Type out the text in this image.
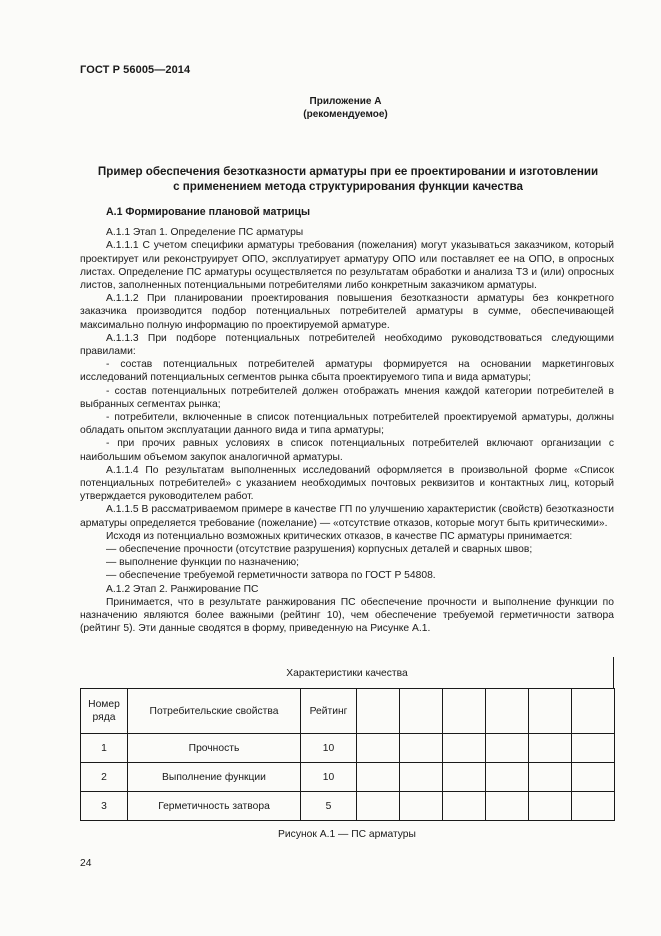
ГОСТ Р 56005—2014
Приложение А
(рекомендуемое)
Пример обеспечения безотказности арматуры при ее проектировании и изготовлении
с применением метода структурирования функции качества

А.1 Формирование плановой матрицы

А.1.1 Этап 1. Определение ПС арматуры

А.1.1.1 С учетом специфики арматуры требования (пожелания) могут указываться заказчиком, который проектирует или реконструирует ОПО, эксплуатирует арматуру ОПО или поставляет ее на ОПО, в опросных листах. Определение ПС арматуры осуществляется по результатам обработки и анализа ТЗ и (или) опросных листов, заполненных потенциальными потребителями либо конкретным заказчиком арматуры.

А.1.1.2 При планировании проектирования повышения безотказности арматуры без конкретного заказчика производится подбор потенциальных потребителей арматуры в сумме, обеспечивающей максимально полную информацию по проектируемой арматуре.

А.1.1.3 При подборе потенциальных потребителей необходимо руководствоваться следующими правилами:

- состав потенциальных потребителей арматуры формируется на основании маркетинговых исследований потенциальных сегментов рынка сбыта проектируемого типа и вида арматуры;

- состав потенциальных потребителей должен отображать мнения каждой категории потребителей в выбранных сегментах рынка;

- потребители, включенные в список потенциальных потребителей проектируемой арматуры, должны обладать опытом эксплуатации данного вида и типа арматуры;

- при прочих равных условиях в список потенциальных потребителей включают организации с наибольшим объемом закупок аналогичной арматуры.

А.1.1.4 По результатам выполненных исследований оформляется в произвольной форме «Список потенциальных потребителей» с указанием необходимых почтовых реквизитов и контактных лиц, который утверждается руководителем работ.

А.1.1.5 В рассматриваемом примере в качестве ГП по улучшению характеристик (свойств) безотказности арматуры определяется требование (пожелание) — «отсутствие отказов, которые могут быть критическими».

Исходя из потенциально возможных критических отказов, в качестве ПС арматуры принимается:

— обеспечение прочности (отсутствие разрушения) корпусных деталей и сварных швов;

— выполнение функции по назначению;

— обеспечение требуемой герметичности затвора по ГОСТ Р 54808.

А.1.2 Этап 2. Ранжирование ПС

Принимается, что в результате ранжирования ПС обеспечение прочности и выполнение функции по назначению являются более важными (рейтинг 10), чем обеспечение требуемой герметичности затвора (рейтинг 5). Эти данные сводятся в форму, приведенную на Рисунке А.1.

Характеристики качества
Номер ряда	Потребительские свойства	Рейтинг						
1	Прочность	10						
2	Выполнение функции	10						
3	Герметичность затвора	5						
Рисунок А.1 — ПС арматуры
24
